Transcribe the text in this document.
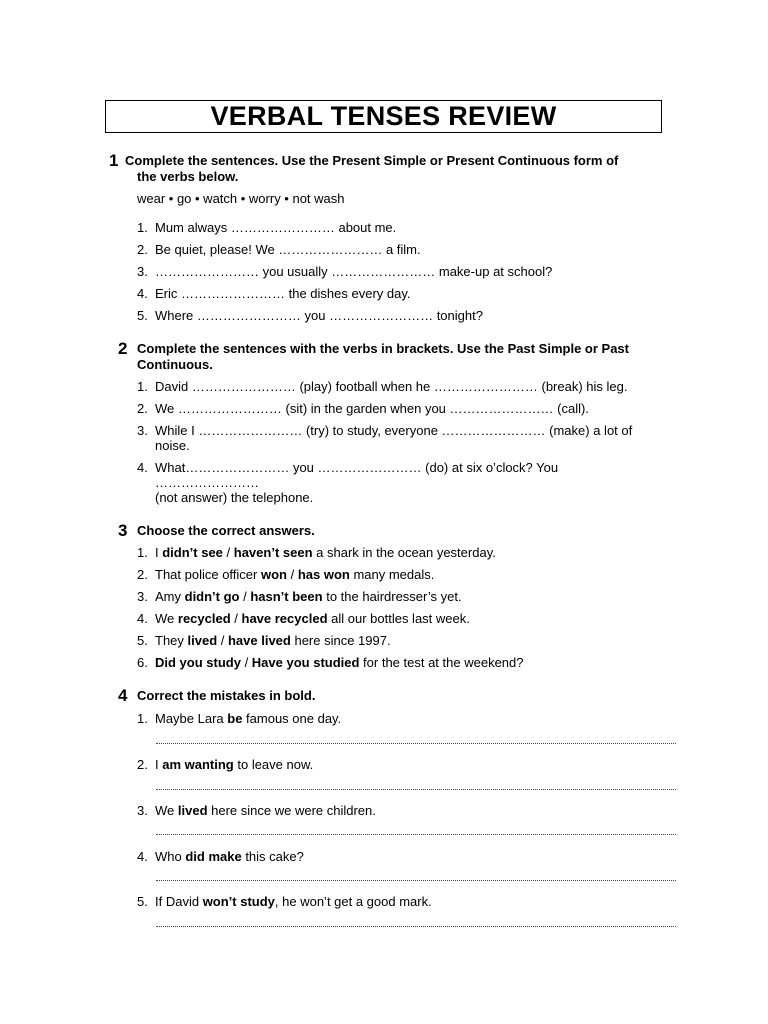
VERBAL TENSES REVIEW
1 Complete the sentences. Use the Present Simple or Present Continuous form of
the verbs below.
wear • go • watch • worry • not wash
1. Mum always …………………… about me.
2. Be quiet, please! We …………………… a film.
3. …………………… you usually …………………… make-up at school?
4. Eric …………………… the dishes every day.
5. Where …………………… you …………………… tonight?
2 Complete the sentences with the verbs in brackets. Use the Past Simple or Past
Continuous.
1. David …………………… (play) football when he …………………… (break) his leg.
2. We …………………… (sit) in the garden when you …………………… (call).
3. While I …………………… (try) to study, everyone …………………… (make) a lot of
noise.
4. What…………………… you …………………… (do) at six o’clock? You
……………………
(not answer) the telephone.
3 Choose the correct answers.
1. I didn’t see / haven’t seen a shark in the ocean yesterday.
2. That police officer won / has won many medals.
3. Amy didn’t go / hasn’t been to the hairdresser’s yet.
4. We recycled / have recycled all our bottles last week.
5. They lived / have lived here since 1997.
6. Did you study / Have you studied for the test at the weekend?
4 Correct the mistakes in bold.
1. Maybe Lara be famous one day.
2. I am wanting to leave now.
3. We lived here since we were children.
4. Who did make this cake?
5. If David won’t study, he won’t get a good mark.
